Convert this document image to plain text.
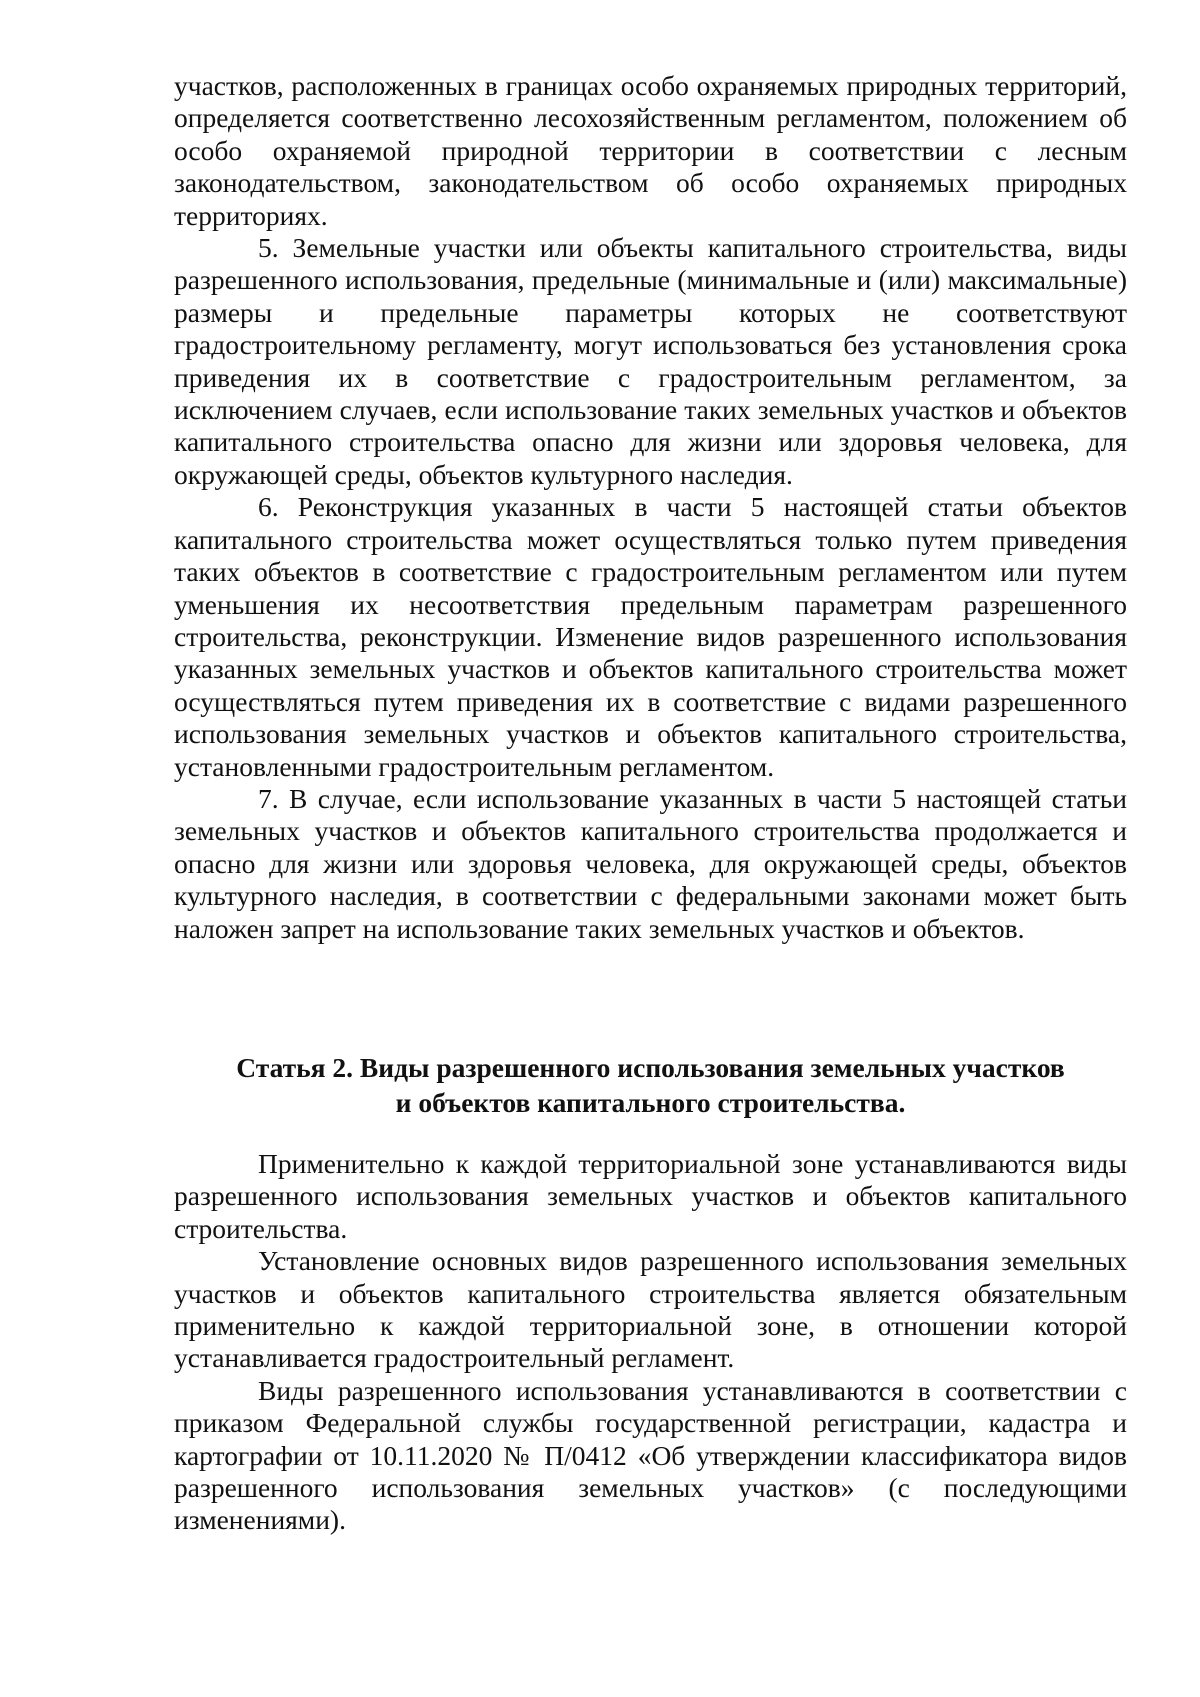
участков, расположенных в границах особо охраняемых природных территорий, определяется соответственно лесохозяйственным регламентом, положением об особо охраняемой природной территории в соответствии с лесным законодательством, законодательством об особо охраняемых природных территориях.

5. Земельные участки или объекты капитального строительства, виды разрешенного использования, предельные (минимальные и (или) максимальные) размеры и предельные параметры которых не соответствуют градостроительному регламенту, могут использоваться без установления срока приведения их в соответствие с градостроительным регламентом, за исключением случаев, если использование таких земельных участков и объектов капитального строительства опасно для жизни или здоровья человека, для окружающей среды, объектов культурного наследия.

6. Реконструкция указанных в части 5 настоящей статьи объектов капитального строительства может осуществляться только путем приведения таких объектов в соответствие с градостроительным регламентом или путем уменьшения их несоответствия предельным параметрам разрешенного строительства, реконструкции. Изменение видов разрешенного использования указанных земельных участков и объектов капитального строительства может осуществляться путем приведения их в соответствие с видами разрешенного использования земельных участков и объектов капитального строительства, установленными градостроительным регламентом.

7. В случае, если использование указанных в части 5 настоящей статьи земельных участков и объектов капитального строительства продолжается и опасно для жизни или здоровья человека, для окружающей среды, объектов культурного наследия, в соответствии с федеральными законами может быть наложен запрет на использование таких земельных участков и объектов.

Статья 2. Виды разрешенного использования земельных участков
и объектов капитального строительства.

Применительно к каждой территориальной зоне устанавливаются виды разрешенного использования земельных участков и объектов капитального строительства.

Установление основных видов разрешенного использования земельных участков и объектов капитального строительства является обязательным применительно к каждой территориальной зоне, в отношении которой устанавливается градостроительный регламент.

Виды разрешенного использования устанавливаются в соответствии с приказом Федеральной службы государственной регистрации, кадастра и картографии от 10.11.2020 № П/0412 «Об утверждении классификатора видов разрешенного использования земельных участков» (с последующими изменениями).
